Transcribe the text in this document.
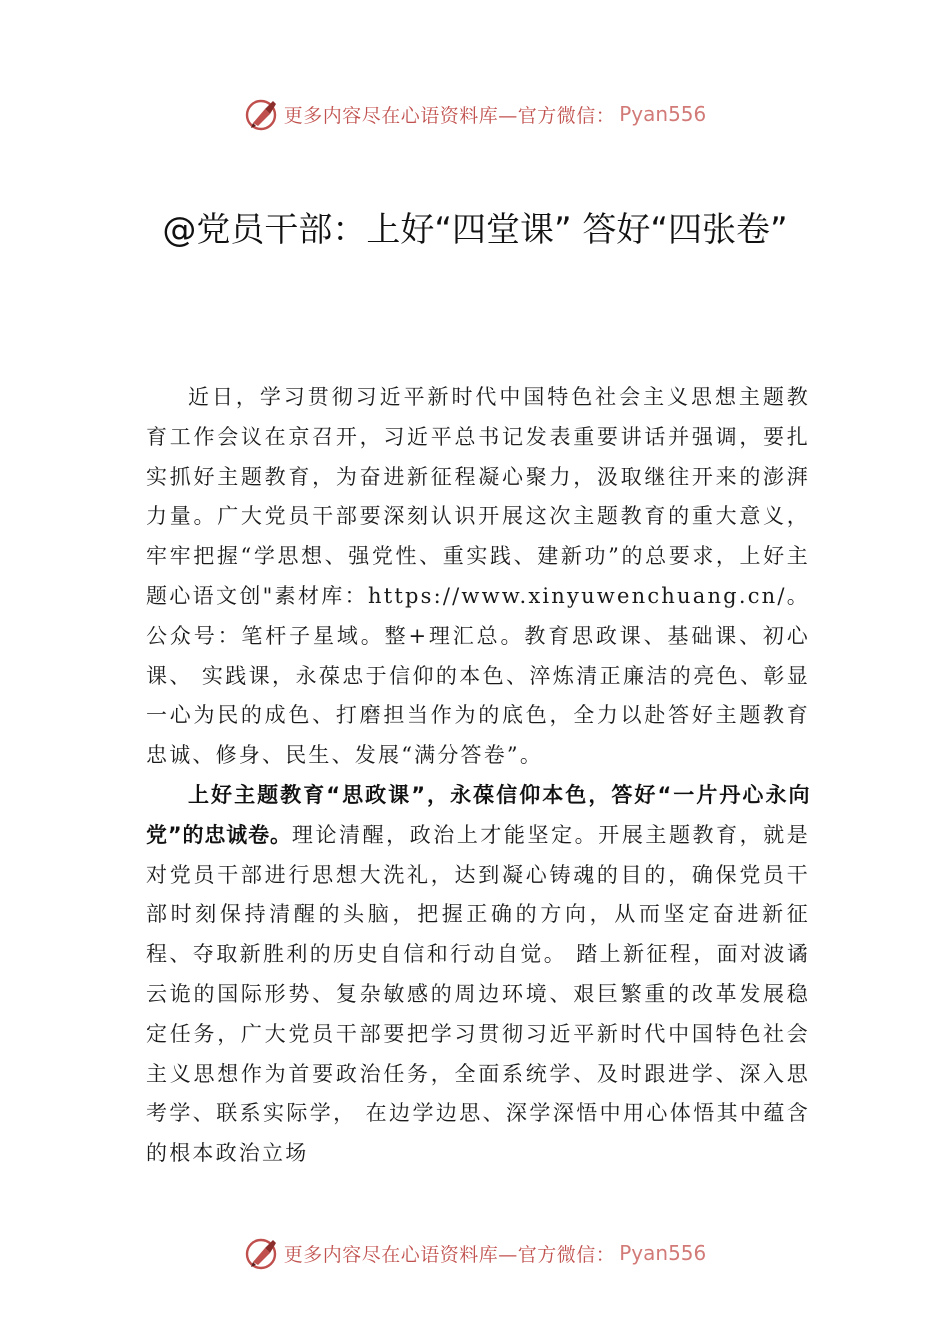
更多内容尽在心语资料库—官方微信： Pyan556
@党员干部：上好“四堂课” 答好“四张卷”

近日，学习贯彻习近平新时代中国特色社会主义思想主题教育工作会议在京召开，习近平总书记发表重要讲话并强调，要扎实抓好主题教育，为奋进新征程凝心聚力，汲取继往开来的澎湃力量。广大党员干部要深刻认识开展这次主题教育的重大意义，牢牢把握“学思想、强党性、重实践、建新功”的总要求，上好主题心语文创"素材库：https://www.xinyuwenchuang.cn/。公众号：笔杆子星域。整+理汇总。教育思政课、基础课、初心课、 实践课，永葆忠于信仰的本色、淬炼清正廉洁的亮色、彰显一心为民的成色、打磨担当作为的底色，全力以赴答好主题教育忠诚、修身、民生、发展“满分答卷”。

上好主题教育“思政课”，永葆信仰本色，答好“一片丹心永向党”的忠诚卷。理论清醒，政治上才能坚定。开展主题教育，就是对党员干部进行思想大洗礼，达到凝心铸魂的目的，确保党员干部时刻保持清醒的头脑，把握正确的方向，从而坚定奋进新征程、夺取新胜利的历史自信和行动自觉。 踏上新征程，面对波谲云诡的国际形势、复杂敏感的周边环境、艰巨繁重的改革发展稳定任务，广大党员干部要把学习贯彻习近平新时代中国特色社会主义思想作为首要政治任务，全面系统学、及时跟进学、深入思考学、联系实际学， 在边学边思、深学深悟中用心体悟其中蕴含的根本政治立场

更多内容尽在心语资料库—官方微信： Pyan556
